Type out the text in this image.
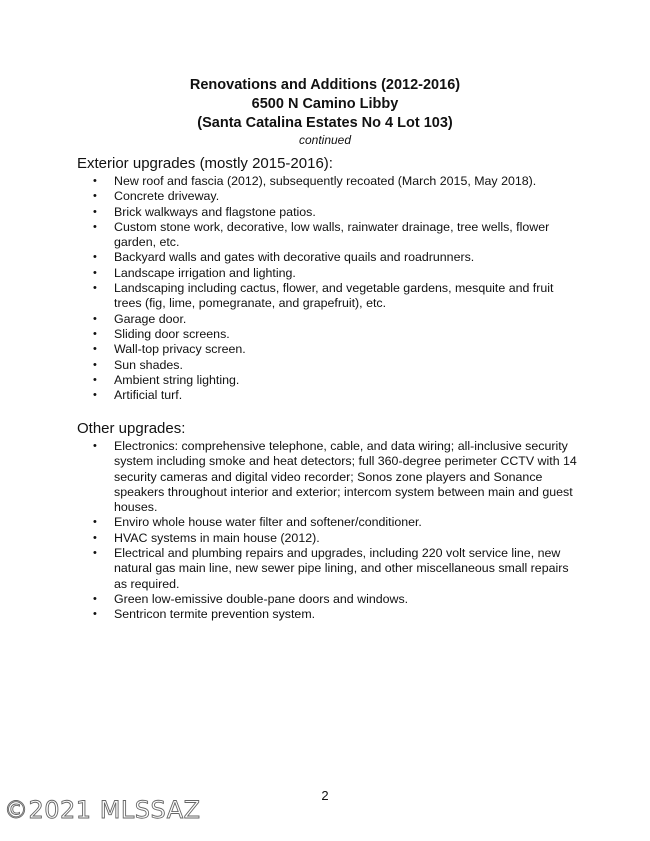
Renovations and Additions (2012-2016)
6500 N Camino Libby
(Santa Catalina Estates No 4 Lot 103)
continued
Exterior upgrades (mostly 2015-2016):
• New roof and fascia (2012), subsequently recoated (March 2015, May 2018).
• Concrete driveway.
• Brick walkways and flagstone patios.
• Custom stone work, decorative, low walls, rainwater drainage, tree wells, flower garden, etc.
• Backyard walls and gates with decorative quails and roadrunners.
• Landscape irrigation and lighting.
• Landscaping including cactus, flower, and vegetable gardens, mesquite and fruit trees (fig, lime, pomegranate, and grapefruit), etc.
• Garage door.
• Sliding door screens.
• Wall-top privacy screen.
• Sun shades.
• Ambient string lighting.
• Artificial turf.
Other upgrades:
• Electronics: comprehensive telephone, cable, and data wiring; all-inclusive security system including smoke and heat detectors; full 360-degree perimeter CCTV with 14 security cameras and digital video recorder; Sonos zone players and Sonance speakers throughout interior and exterior; intercom system between main and guest houses.
• Enviro whole house water filter and softener/conditioner.
• HVAC systems in main house (2012).
• Electrical and plumbing repairs and upgrades, including 220 volt service line, new natural gas main line, new sewer pipe lining, and other miscellaneous small repairs as required.
• Green low-emissive double-pane doors and windows.
• Sentricon termite prevention system.
2
©2021 MLSSAZ
